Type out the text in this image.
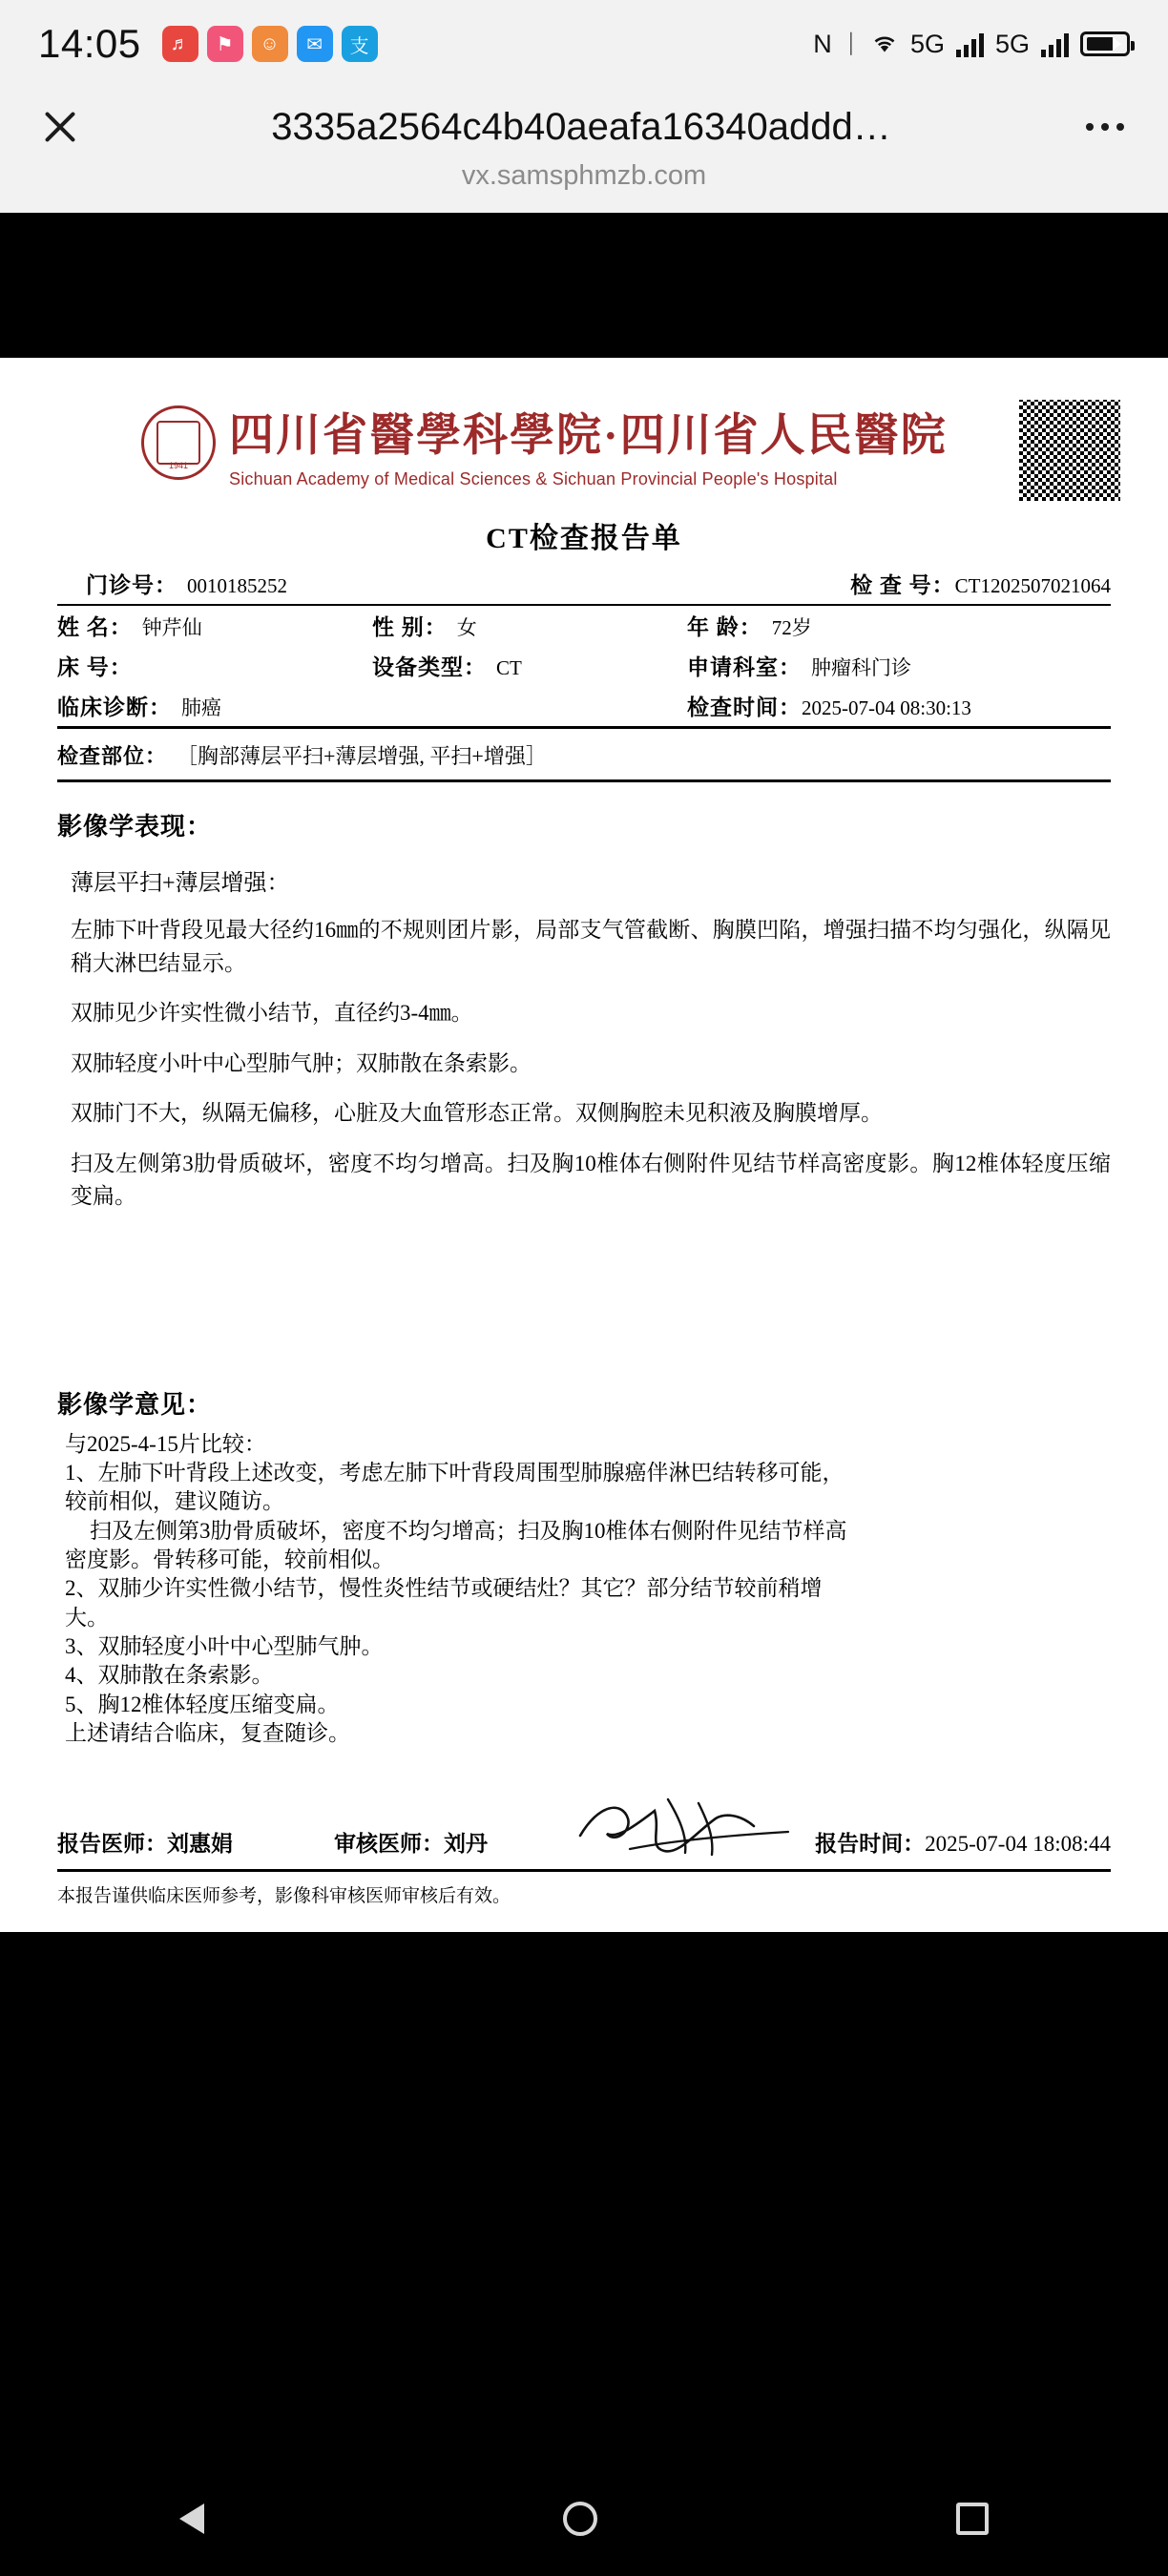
14:05	♬	⚑	☺	✉	支	N ᛁ 5G 5G
3335a2564c4b40aeafa16340addd…
vx.samsphmzb.com
1941
四川省醫學科學院·四川省人民醫院
Sichuan Academy of Medical Sciences & Sichuan Provincial People's Hospital
CT检查报告单
门诊号： 0010185252	检 查 号： CT1202507021064
姓 名： 钟芹仙	性 别： 女	年 龄： 72岁
床 号：	设备类型： CT	申请科室： 肿瘤科门诊
临床诊断： 肺癌	检查时间： 2025-07-04 08:30:13
检查部位： ［胸部薄层平扫+薄层增强, 平扫+增强］
影像学表现：
薄层平扫+薄层增强：
左肺下叶背段见最大径约16㎜的不规则团片影，局部支气管截断、胸膜凹陷，增强扫描不均匀强化，纵隔见稍大淋巴结显示。
双肺见少许实性微小结节，直径约3-4㎜。
双肺轻度小叶中心型肺气肿；双肺散在条索影。
双肺门不大，纵隔无偏移，心脏及大血管形态正常。双侧胸腔未见积液及胸膜增厚。
扫及左侧第3肋骨质破坏，密度不均匀增高。扫及胸10椎体右侧附件见结节样高密度影。胸12椎体轻度压缩变扁。
影像学意见：
与2025-4-15片比较：
1、左肺下叶背段上述改变，考虑左肺下叶背段周围型肺腺癌伴淋巴结转移可能，
较前相似，建议随访。
扫及左侧第3肋骨质破坏，密度不均匀增高；扫及胸10椎体右侧附件见结节样高
密度影。骨转移可能，较前相似。
2、双肺少许实性微小结节，慢性炎性结节或硬结灶？其它？部分结节较前稍增
大。
3、双肺轻度小叶中心型肺气肿。
4、双肺散在条索影。
5、胸12椎体轻度压缩变扁。
上述请结合临床，复查随诊。
报告医师：刘惠娟	审核医师：刘丹	报告时间：2025-07-04 18:08:44
本报告谨供临床医师参考，影像科审核医师审核后有效。
